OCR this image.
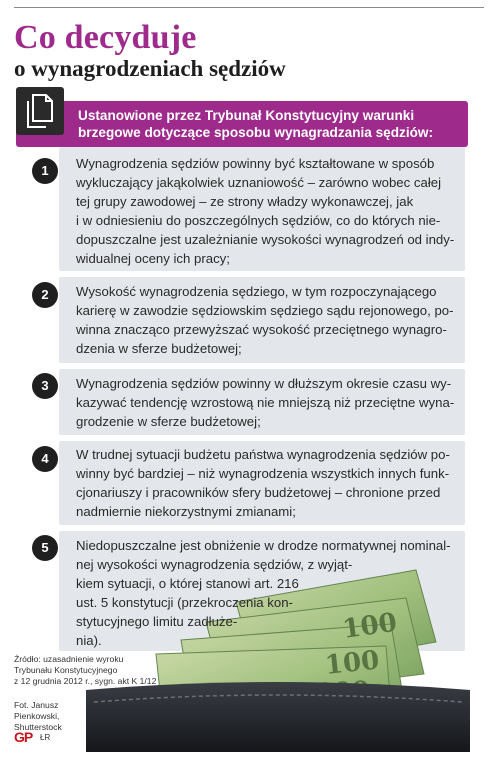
Co decyduje
o wynagrodzeniach sędziów
Ustanowione przez Trybunał Konstytucyjny warunki
brzegowe dotyczące sposobu wynagradzania sędziów:
1	Wynagrodzenia sędziów powinny być kształtowane w sposób
wykluczający jakąkolwiek uznaniowość – zarówno wobec całej
tej grupy zawodowej – ze strony władzy wykonawczej, jak
i w odniesieniu do poszczególnych sędziów, co do których nie-
dopuszczalne jest uzależnianie wysokości wynagrodzeń od indy-
widualnej oceny ich pracy;
2	Wysokość wynagrodzenia sędziego, w tym rozpoczynającego
karierę w zawodzie sędziowskim sędziego sądu rejonowego, po-
winna znacząco przewyższać wysokość przeciętnego wynagro-
dzenia w sferze budżetowej;
3	Wynagrodzenia sędziów powinny w dłuższym okresie czasu wy-
kazywać tendencję wzrostową nie mniejszą niż przeciętne wyna-
grodzenie w sferze budżetowej;
4	W trudnej sytuacji budżetu państwa wynagrodzenia sędziów po-
winny być bardziej – niż wynagrodzenia wszystkich innych funk-
cjonariuszy i pracowników sfery budżetowej – chronione przed
nadmiernie niekorzystnymi zmianami;
100
100
5	Niedopuszczalne jest obniżenie w drodze normatywnej nominal-
nej wysokości wynagrodzenia sędziów, z wyjąt-
kiem sytuacji, o której stanowi art. 216
ust. 5 konstytucji (przekroczenia kon-
stytucyjnego limitu zadłuże-
nia).
Źródło: uzasadnienie wyroku
Trybunału Konstytucyjnego
z 12 grudnia 2012 r., sygn. akt K 1/12
Fot. Janusz
Pienkowski,
Shutterstock
GP ŁR
